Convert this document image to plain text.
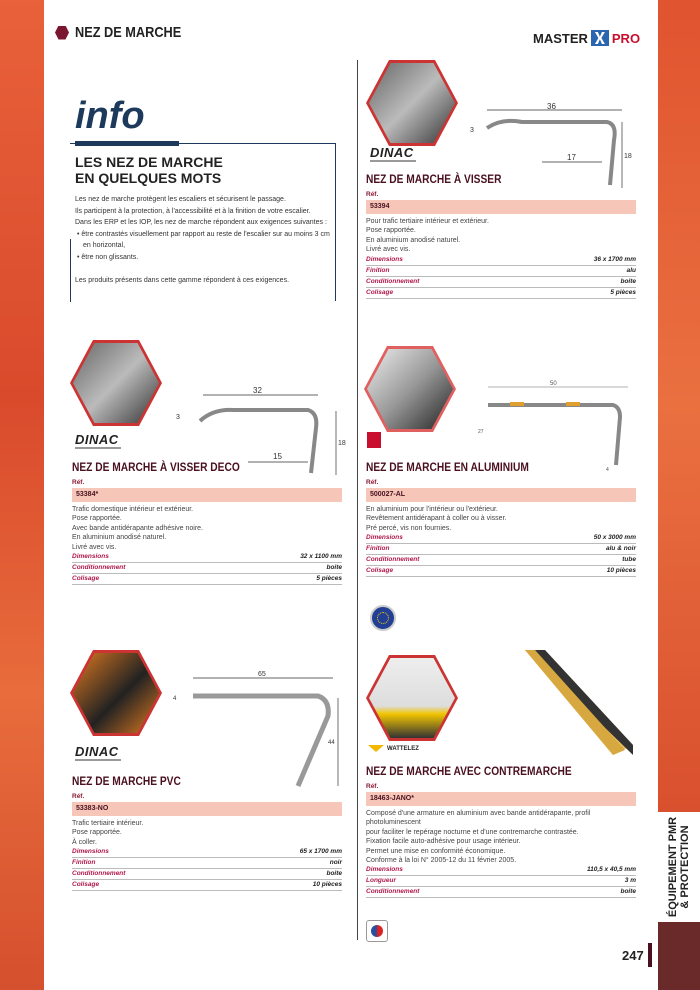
ÉQUIPEMENT PMR & PROTECTION
NEZ DE MARCHE	MASTER PRO
info
LES NEZ DE MARCHE
EN QUELQUES MOTS

Les nez de marche protègent les escaliers et sécurisent le passage.

Ils participent à la protection, à l'accessibilité et à la finition de votre escalier.

Dans les ERP et les IOP, les nez de marche répondent aux exigences suivantes :

• être contrastés visuellement par rapport au reste de l'escalier sur au moins 3 cm en horizontal,
• être non glissants.

Les produits présents dans cette gamme répondent à ces exigences.

36
17	18
3
32
15
18
3
50
27
4
65
44
4
DINAC
DINAC
DINAC	WATTELEZ
NEZ DE MARCHE À VISSER
Réf.
53394
Pour trafic tertiaire intérieur et extérieur.
Pose rapportée.
En aluminium anodisé naturel.
Livré avec vis.
Dimensions	36 x 1700 mm
Finition	alu
Conditionnement	boite
Colisage	5 pièces
NEZ DE MARCHE À VISSER DECO
Réf.
53384*
Trafic domestique intérieur et extérieur.
Pose rapportée.
Avec bande antidérapante adhésive noire.
En aluminium anodisé naturel.
Livré avec vis.
Dimensions	32 x 1100 mm
Conditionnement	boite
Colisage	5 pièces
NEZ DE MARCHE EN ALUMINIUM
Réf.
500027-AL
En aluminium pour l'intérieur ou l'extérieur.
Revêtement antidérapant à coller ou à visser.
Pré percé, vis non fournies.
Dimensions	50 x 3000 mm
Finition	alu & noir
Conditionnement	tube
Colisage	10 pièces
NEZ DE MARCHE PVC
Réf.
53383-NO
Trafic tertiaire intérieur.
Pose rapportée.
À coller.
Dimensions	65 x 1700 mm
Finition	noir
Conditionnement	boite
Colisage	10 pièces
NEZ DE MARCHE AVEC CONTREMARCHE
Réf.
18463-JANO*
Composé d'une armature en aluminium avec bande antidérapante, profil photoluminescent
pour faciliter le repérage nocturne et d'une contremarche contrastée.
Fixation facile auto-adhésive pour usage intérieur.
Permet une mise en conformité économique.
Conforme à la loi N° 2005-12 du 11 février 2005.
Dimensions	110,5 x 40,5 mm
Longueur	3 m
Conditionnement	boite
247
